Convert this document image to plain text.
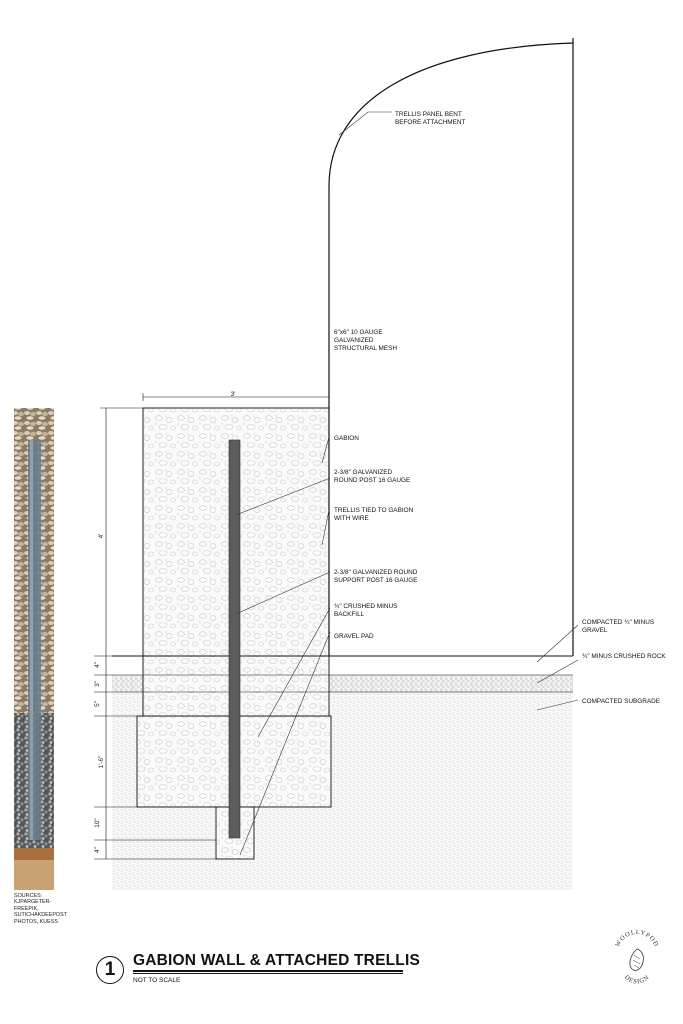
3'
4'
4"
3"
5"
1'-6"
10"
4"
TRELLIS PANEL BENT BEFORE ATTACHMENT
6"x6" 10 GAUGE GALVANIZED STRUCTURAL MESH
GABION
2-3/8" GALVANIZED ROUND POST 16 GAUGE
TRELLIS TIED TO GABION WITH WIRE
2-3/8" GALVANIZED ROUND SUPPORT POST 16 GAUGE
¾" CRUSHED MINUS BACKFILL
GRAVEL PAD
COMPACTED ¾" MINUS GRAVEL
¾" MINUS CRUSHED ROCK
COMPACTED SUBGRADE
SOURCES: KJPARGETER-FREEPIK, SUTICHAKDEEPOST PHOTOS, KUESS
1	GABION WALL & ATTACHED TRELLIS
NOT TO SCALE
WOOLLYPOD
DESIGN
